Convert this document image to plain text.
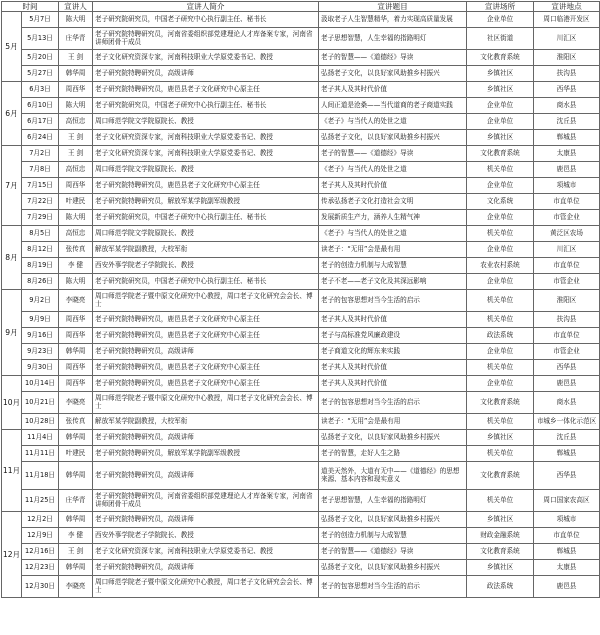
时间		宣讲人	宣讲人简介	宣讲题目	宣讲场所	宣讲地点
5月	5月7日	陈大明	老子研究院研究员，中国老子研究中心执行副主任、秘书长	汲取老子人生智慧精华，着力实现高质量发展	企业单位	周口临港开发区
	5月13日	庄华青	老子研究院特聘研究员，河南省委组织部党建理论人才库备案专家，河南省讲师团骨干成员	老子思想智慧，人生幸福的指路明灯	社区街道	川汇区
	5月20日	王 剑	老子文化研究资深专家，河南科技职业大学原党委书记、教授	老子的智慧——《道德经》导读	文化教育系统	淮阳区
	5月27日	韩华周	老子研究院特聘研究员，高级讲师	弘扬老子文化，以良好家风助推乡村振兴	乡镇社区	扶沟县
6月	6月3日	周西华	老子研究院特聘研究员，鹿邑县老子文化研究中心原主任	老子其人及其时代价值	乡镇社区	西华县
	6月10日	陈大明	老子研究院研究员，中国老子研究中心执行副主任、秘书长	人间正道是沧桑——当代道商的老子商道实践	企业单位	商水县
	6月17日	高恒忠	周口师范学院文学院原院长、教授	《老子》与当代人的处世之道	企业单位	沈丘县
	6月24日	王 剑	老子文化研究资深专家，河南科技职业大学原党委书记、教授	弘扬老子文化，以良好家风助推乡村振兴	乡镇社区	郸城县
7月	7月2日	王 剑	老子文化研究资深专家，河南科技职业大学原党委书记、教授	老子的智慧——《道德经》导读	文化教育系统	太康县
	7月8日	高恒忠	周口师范学院文学院原院长、教授	《老子》与当代人的处世之道	机关单位	鹿邑县
	7月15日	周西华	老子研究院特聘研究员，鹿邑县老子文化研究中心原主任	老子其人及其时代价值	企业单位	项城市
	7月22日	叶建民	老子研究院特聘研究员，解放军某学院副军级教授	传承弘扬老子文化打造社会文明	文化系统	市直单位
	7月29日	陈大明	老子研究院研究员，中国老子研究中心执行副主任、秘书长	发展新质生产力，涵养人生精气神	企业单位	市管企业
8月	8月5日	高恒忠	周口师范学院文学院原院长、教授	《老子》与当代人的处世之道	机关单位	黄泛区农场
	8月12日	张传真	解放军某学院副教授，大校军衔	读老子：“无用”会是最有用	企业单位	川汇区
	8月19日	李 健	西安外事学院老子学院院长、教授	老子的创造力机制与大成智慧	农业农村系统	市直单位
	8月26日	陈大明	老子研究院研究员，中国老子研究中心执行副主任、秘书长	老子不老——老子文化及其深远影响	企业单位	市管企业
9月	9月2日	李晓亮	周口师范学院老子暨中原文化研究中心教授，周口老子文化研究会会长、博士	老子的包容思想对当今生活的启示	机关单位	淮阳区
	9月9日	周西华	老子研究院特聘研究员，鹿邑县老子文化研究中心原主任	老子其人及其时代价值	机关单位	扶沟县
	9月16日	周西华	老子研究院特聘研究员，鹿邑县老子文化研究中心原主任	老子与高标准党风廉政建设	政法系统	市直单位
	9月23日	韩华周	老子研究院特聘研究员，高级讲师	老子商道文化的辉东来实践	企业单位	市管企业
	9月30日	周西华	老子研究院特聘研究员，鹿邑县老子文化研究中心原主任	老子其人及其时代价值	机关单位	西华县
10月	10月14日	周西华	老子研究院特聘研究员，鹿邑县老子文化研究中心原主任	老子其人及其时代价值	企业单位	鹿邑县
	10月21日	李晓亮	周口师范学院老子暨中原文化研究中心教授，周口老子文化研究会会长、博士	老子的包容思想对当今生活的启示	文化教育系统	商水县
	10月28日	张传真	解放军某学院副教授，大校军衔	读老子：“无用”会是最有用	机关单位	市城乡一体化示范区
11月	11月4日	韩华周	老子研究院特聘研究员，高级讲师	弘扬老子文化，以良好家风助推乡村振兴	乡镇社区	沈丘县
	11月11日	叶建民	老子研究院特聘研究员，解放军某学院副军级教授	老子的智慧，走好人生之路	机关单位	郸城县
	11月18日	韩华周	老子研究院特聘研究员，高级讲师	道美天然外，大道有无中——《道德经》的思想来源、基本内容和现实意义	文化教育系统	西华县
	11月25日	庄华青	老子研究院特聘研究员，河南省委组织部党建理论人才库备案专家，河南省讲师团骨干成员	老子思想智慧，人生幸福的指路明灯	机关单位	周口国家农高区
12月	12月2日	韩华周	老子研究院特聘研究员，高级讲师	弘扬老子文化，以良好家风助推乡村振兴	乡镇社区	项城市
	12月9日	李 健	西安外事学院老子学院院长、教授	老子的创造力机制与大成智慧	财政金融系统	市直单位
	12月16日	王 剑	老子文化研究资深专家，河南科技职业大学原党委书记、教授	老子的智慧——《道德经》导读	文化教育系统	郸城县
	12月23日	韩华周	老子研究院特聘研究员，高级讲师	弘扬老子文化，以良好家风助推乡村振兴	乡镇社区	太康县
	12月30日	李晓亮	周口师范学院老子暨中原文化研究中心教授，周口老子文化研究会会长、博士	老子的包容思想对当今生活的启示	政法系统	鹿邑县
